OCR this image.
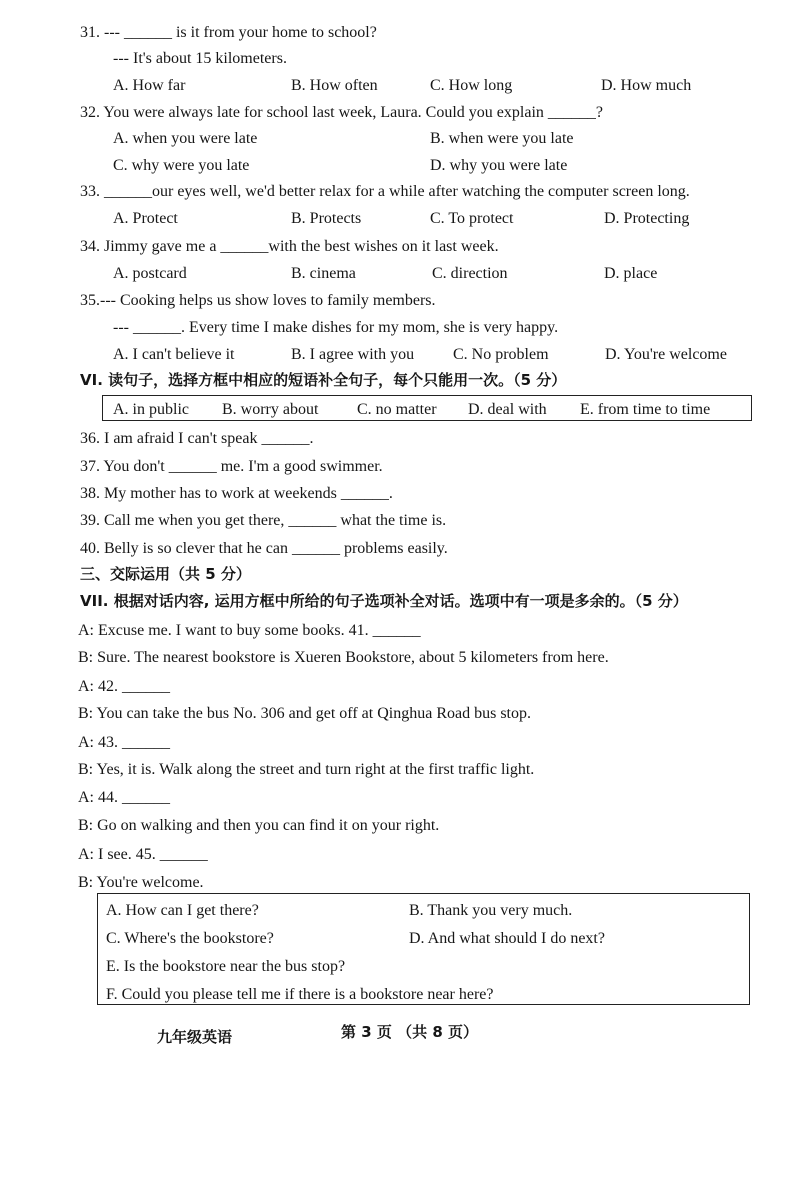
31. --- ______ is it from your home to school?
--- It's about 15 kilometers.
A. How far	B. How often	C. How long	D. How much
32. You were always late for school last week, Laura. Could you explain ______?
A. when you were late	B. when were you late
C. why were you late	D. why you were late
33. ______our eyes well, we'd better relax for a while after watching the computer screen long.
A. Protect	B. Protects	C. To protect	D. Protecting
34. Jimmy gave me a ______with the best wishes on it last week.
A. postcard	B. cinema	C. direction	D. place
35.--- Cooking helps us show loves to family members.
--- ______. Every time I make dishes for my mom, she is very happy.
A. I can't believe it	B. I agree with you C. No problem	D. You're welcome
VI. 读句子，选择方框中相应的短语补全句子，每个只能用一次。（5 分）
A. in public B. worry about C. no matter D. deal with E. from time to time
36. I am afraid I can't speak ______.
37. You don't ______ me. I'm a good swimmer.
38. My mother has to work at weekends ______.
39. Call me when you get there, ______ what the time is.
40. Belly is so clever that he can ______ problems easily.
三、交际运用（共 5 分）
VII. 根据对话内容, 运用方框中所给的句子选项补全对话。选项中有一项是多余的。（5 分）
A: Excuse me. I want to buy some books. 41. ______
B: Sure. The nearest bookstore is Xueren Bookstore, about 5 kilometers from here.
A: 42. ______
B: You can take the bus No. 306 and get off at Qinghua Road bus stop.
A: 43. ______
B: Yes, it is. Walk along the street and turn right at the first traffic light.
A: 44. ______
B: Go on walking and then you can find it on your right.
A: I see. 45. ______
B: You're welcome.
A. How can I get there?	B. Thank you very much.
C. Where's the bookstore?	D. And what should I do next?
E. Is the bookstore near the bus stop?
F. Could you please tell me if there is a bookstore near here?
九年级英语	第 3 页 （共 8 页）
